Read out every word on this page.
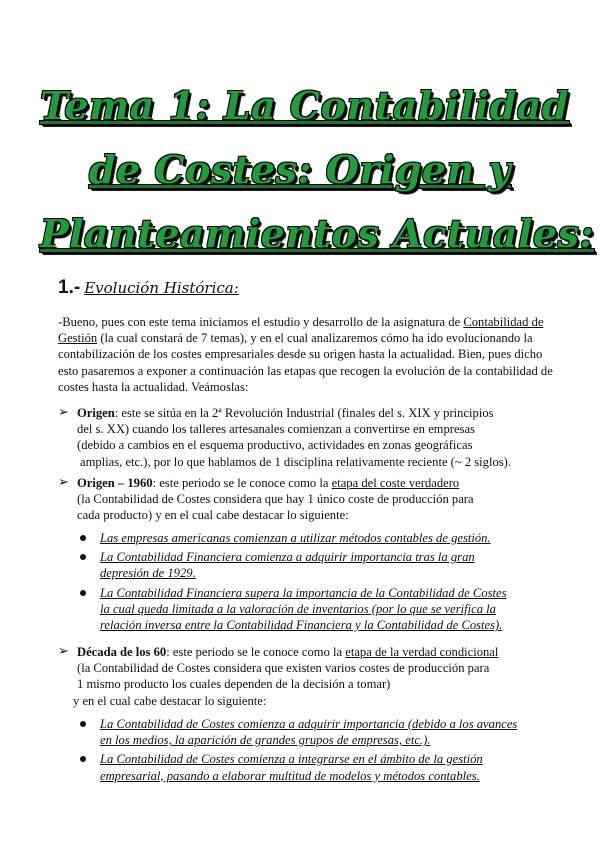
Tema 1: La Contabilidad
de Costes: Origen y
Planteamientos Actuales:
1.- Evolución Histórica:
-Bueno, pues con este tema iniciamos el estudio y desarrollo de la asignatura de Contabilidad de Gestión (la cual constará de 7 temas), y en el cual analizaremos cómo ha ido evolucionando la contabilización de los costes empresariales desde su origen hasta la actualidad. Bien, pues dicho esto pasaremos a exponer a continuación las etapas que recogen la evolución de la contabilidad de costes hasta la actualidad. Veámoslas:
➢ Origen: este se sitúa en la 2ª Revolución Industrial (finales del s. XIX y principios
del s. XX) cuando los talleres artesanales comienzan a convertirse en empresas
(debido a cambios en el esquema productivo, actividades en zonas geográficas
amplias, etc.), por lo que hablamos de 1 disciplina relativamente reciente (~ 2 siglos).
➢ Origen – 1960: este periodo se le conoce como la etapa del coste verdadero
(la Contabilidad de Costes considera que hay 1 único coste de producción para
cada producto) y en el cual cabe destacar lo siguiente:
Las empresas americanas comienzan a utilizar métodos contables de gestión.
La Contabilidad Financiera comienza a adquirir importancia tras la gran
depresión de 1929.
La Contabilidad Financiera supera la importancia de la Contabilidad de Costes
la cual queda limitada a la valoración de inventarios (por lo que se verifica la
relación inversa entre la Contabilidad Financiera y la Contabilidad de Costes).
➢ Década de los 60: este periodo se le conoce como la etapa de la verdad condicional
(la Contabilidad de Costes considera que existen varios costes de producción para
1 mismo producto los cuales dependen de la decisión a tomar)
y en el cual cabe destacar lo siguiente:
La Contabilidad de Costes comienza a adquirir importancia (debido a los avances
en los medios, la aparición de grandes grupos de empresas, etc.).
La Contabilidad de Costes comienza a integrarse en el ámbito de la gestión
empresarial, pasando a elaborar multitud de modelos y métodos contables.
